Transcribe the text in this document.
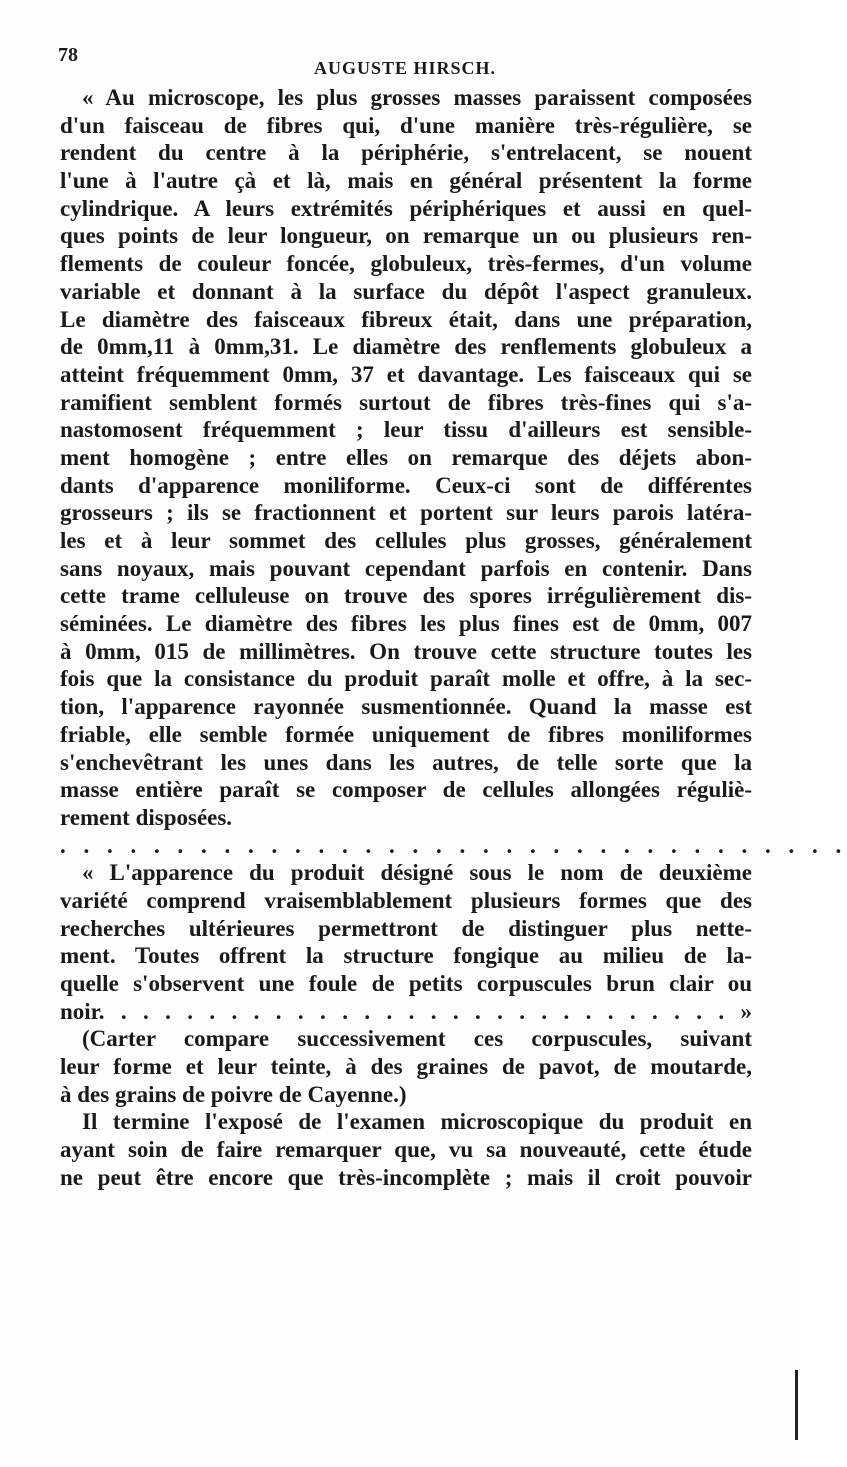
78
AUGUSTE HIRSCH.
« Au microscope, les plus grosses masses paraissent composées
d'un faisceau de fibres qui, d'une manière très-régulière, se
rendent du centre à la périphérie, s'entrelacent, se nouent
l'une à l'autre çà et là, mais en général présentent la forme
cylindrique. A leurs extrémités périphériques et aussi en quel-
ques points de leur longueur, on remarque un ou plusieurs ren-
flements de couleur foncée, globuleux, très-fermes, d'un volume
variable et donnant à la surface du dépôt l'aspect granuleux.
Le diamètre des faisceaux fibreux était, dans une préparation,
de 0mm,11 à 0mm,31. Le diamètre des renflements globuleux a
atteint fréquemment 0mm, 37 et davantage. Les faisceaux qui se
ramifient semblent formés surtout de fibres très-fines qui s'a-
nastomosent fréquemment ; leur tissu d'ailleurs est sensible-
ment homogène ; entre elles on remarque des déjets abon-
dants d'apparence moniliforme. Ceux-ci sont de différentes
grosseurs ; ils se fractionnent et portent sur leurs parois latéra-
les et à leur sommet des cellules plus grosses, généralement
sans noyaux, mais pouvant cependant parfois en contenir. Dans
cette trame celluleuse on trouve des spores irrégulièrement dis-
séminées. Le diamètre des fibres les plus fines est de 0mm, 007
à 0mm, 015 de millimètres. On trouve cette structure toutes les
fois que la consistance du produit paraît molle et offre, à la sec-
tion, l'apparence rayonnée susmentionnée. Quand la masse est
friable, elle semble formée uniquement de fibres moniliformes
s'enchevêtrant les unes dans les autres, de telle sorte que la
masse entière paraît se composer de cellules allongées réguliè-
rement disposées.
. . . . . . . . . . . . . . . . . . . . . . . . . . . . . . . . . .
« L'apparence du produit désigné sous le nom de deuxième
variété comprend vraisemblablement plusieurs formes que des
recherches ultérieures permettront de distinguer plus nette-
ment. Toutes offrent la structure fongique au milieu de la-
quelle s'observent une foule de petits corpuscules brun clair ou
noir. . . . . . . . . . . . . . . . . . . . . . . . . . . . . »
(Carter compare successivement ces corpuscules, suivant
leur forme et leur teinte, à des graines de pavot, de moutarde,
à des grains de poivre de Cayenne.)
Il termine l'exposé de l'examen microscopique du produit en
ayant soin de faire remarquer que, vu sa nouveauté, cette étude
ne peut être encore que très-incomplète ; mais il croit pouvoir
